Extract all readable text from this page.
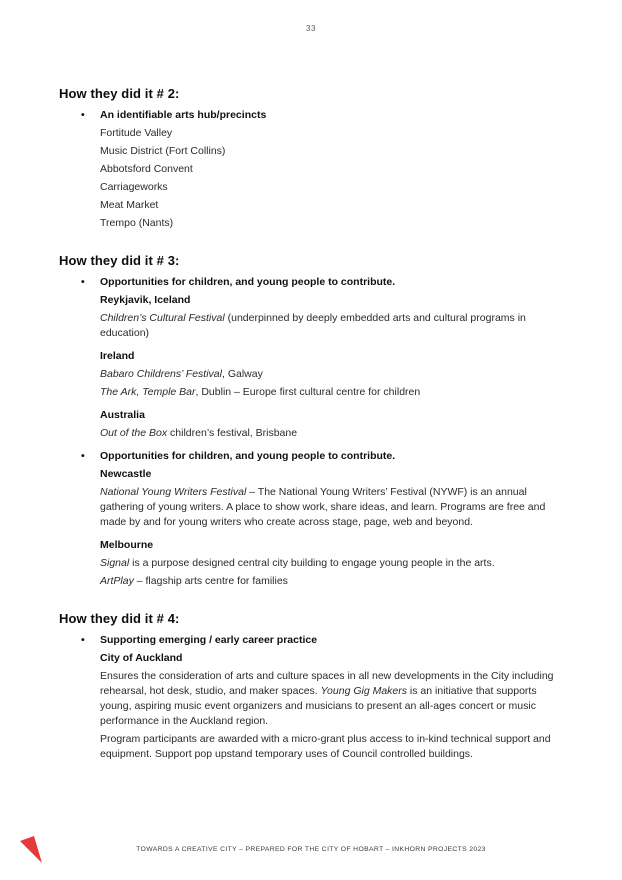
33
How they did it # 2:

• An identifiable arts hub/precincts

Fortitude Valley

Music District (Fort Collins)

Abbotsford Convent

Carriageworks

Meat Market

Trempo (Nants)

How they did it # 3:

• Opportunities for children, and young people to contribute.

Reykjavik, Iceland

Children’s Cultural Festival (underpinned by deeply embedded arts and cultural programs in education)

Ireland

Babaro Childrens’ Festival, Galway

The Ark, Temple Bar, Dublin – Europe first cultural centre for children

Australia

Out of the Box children’s festival, Brisbane

• Opportunities for children, and young people to contribute.

Newcastle

National Young Writers Festival – The National Young Writers’ Festival (NYWF) is an annual gathering of young writers. A place to show work, share ideas, and learn. Programs are free and made by and for young writers who create across stage, page, web and beyond.

Melbourne

Signal is a purpose designed central city building to engage young people in the arts.

ArtPlay – flagship arts centre for families

How they did it # 4:

• Supporting emerging / early career practice

City of Auckland

Ensures the consideration of arts and culture spaces in all new developments in the City including rehearsal, hot desk, studio, and maker spaces. Young Gig Makers is an initiative that supports young, aspiring music event organizers and musicians to present an all-ages concert or music performance in the Auckland region.

Program participants are awarded with a micro-grant plus access to in-kind technical support and equipment. Support pop upstand temporary uses of Council controlled buildings.

TOWARDS A CREATIVE CITY – PREPARED FOR THE CITY OF HOBART – INKHORN PROJECTS 2023
